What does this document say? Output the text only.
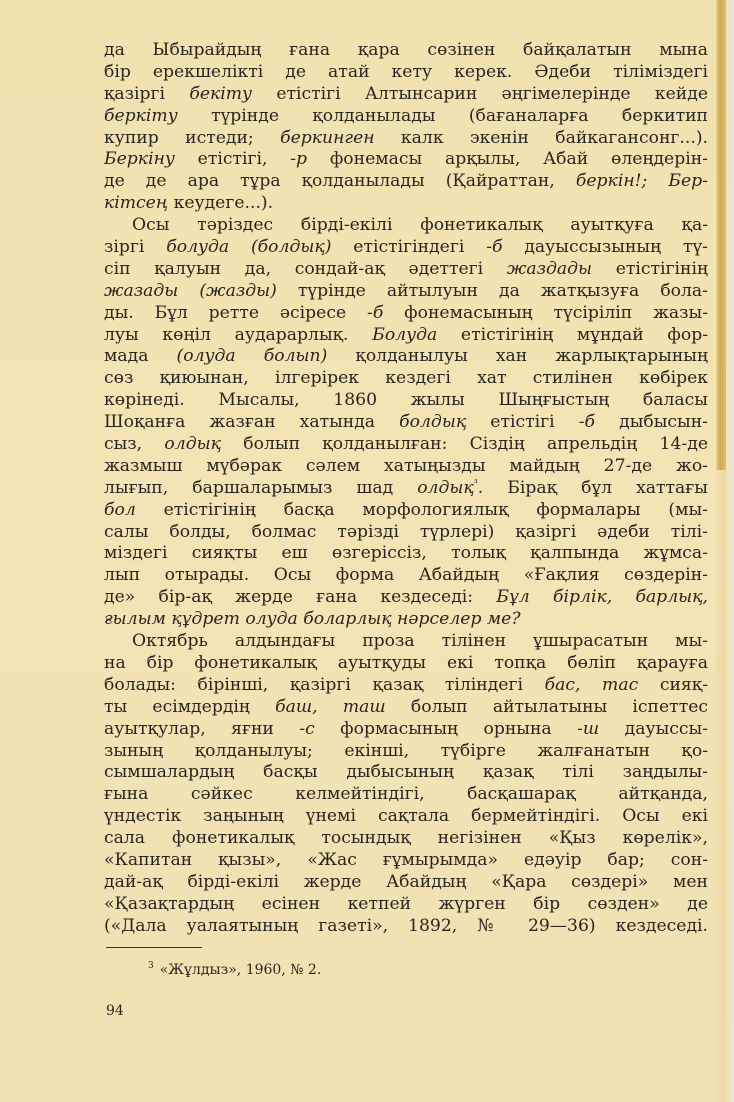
да Ыбырайдың ғана қара сөзінен байқалатын мына
бір ерекшелікті де атай кету керек. Әдеби тіліміздегі
қазіргі бекіту етістігі Алтынсарин әңгімелерінде кейде
беркіту түрінде қолданылады (бағаналарға беркитип
купир истеди; беркинген калк экенін байкагансонг...).
Беркіну етістігі, -р фонемасы арқылы, Абай өлеңдерін-
де де ара тұра қолданылады (Қайраттан, беркін!; Бер-
кітсең кеудеге...).
Осы тәріздес бірді-екілі фонетикалық ауытқуға қа-
зіргі болуда (болдық) етістігіндегі -б дауыссызының тү-
сіп қалуын да, сондай-ақ әдеттегі жаздады етістігінің
жазады (жазды) түрінде айтылуын да жатқызуға бола-
ды. Бұл ретте әсіресе -б фонемасының түсіріліп жазы-
луы көңіл аударарлық. Болуда етістігінің мұндай фор-
мада (олуда болып) қолданылуы хан жарлықтарының
сөз қиюынан, ілгерірек кездегі хат стилінен көбірек
көрінеді. Мысалы, 1860 жылы Шыңғыстың баласы
Шоқанға жазған хатында болдық етістігі -б дыбысын-
сыз, олдық болып қолданылған: Сіздің апрельдің 14-де
жазмыш мүбәрак сәлем хатыңызды майдың 27-де жо-
лығып, баршаларымыз шад олдық$^{^3}$. Бірақ бұл хаттағы
бол етістігінің басқа морфологиялық формалары (мы-
салы болды, болмас тәрізді түрлері) қазіргі әдеби тілі-
міздегі сияқты еш өзгеріссіз, толық қалпында жұмса-
лып отырады. Осы форма Абайдың «Ғақлия сөздерін-
де» бір-ақ жерде ғана кездеседі: Бұл бірлік, барлық,
ғылым құдрет олуда боларлық нәрселер ме?
Октябрь алдындағы проза тілінен ұшырасатын мы-
на бір фонетикалық ауытқуды екі топқа бөліп қарауға
болады: бірінші, қазіргі қазақ тіліндегі бас, тас сияқ-
ты есімдердің баш, таш болып айтылатыны іспеттес
ауытқулар, яғни -с формасының орнына -ш дауыссы-
зының қолданылуы; екінші, түбірге жалғанатын қо-
сымшалардың басқы дыбысының қазақ тілі заңдылы-
ғына сәйкес келмейтіндігі, басқашарақ айтқанда,
үндестік заңының үнемі сақтала бермейтіндігі. Осы екі
сала фонетикалық тосындық негізінен «Қыз көрелік»,
«Капитан қызы», «Жас ғұмырымда» едәуір бар; сон-
дай-ақ бірді-екілі жерде Абайдың «Қара сөздері» мен
«Қазақтардың есінен кетпей жүрген бір сөзден» де
(«Дала уалаятының газеті», 1892, № 29—36) кездеседі.
$^3$ «Жұлдыз», 1960, № 2.
94
